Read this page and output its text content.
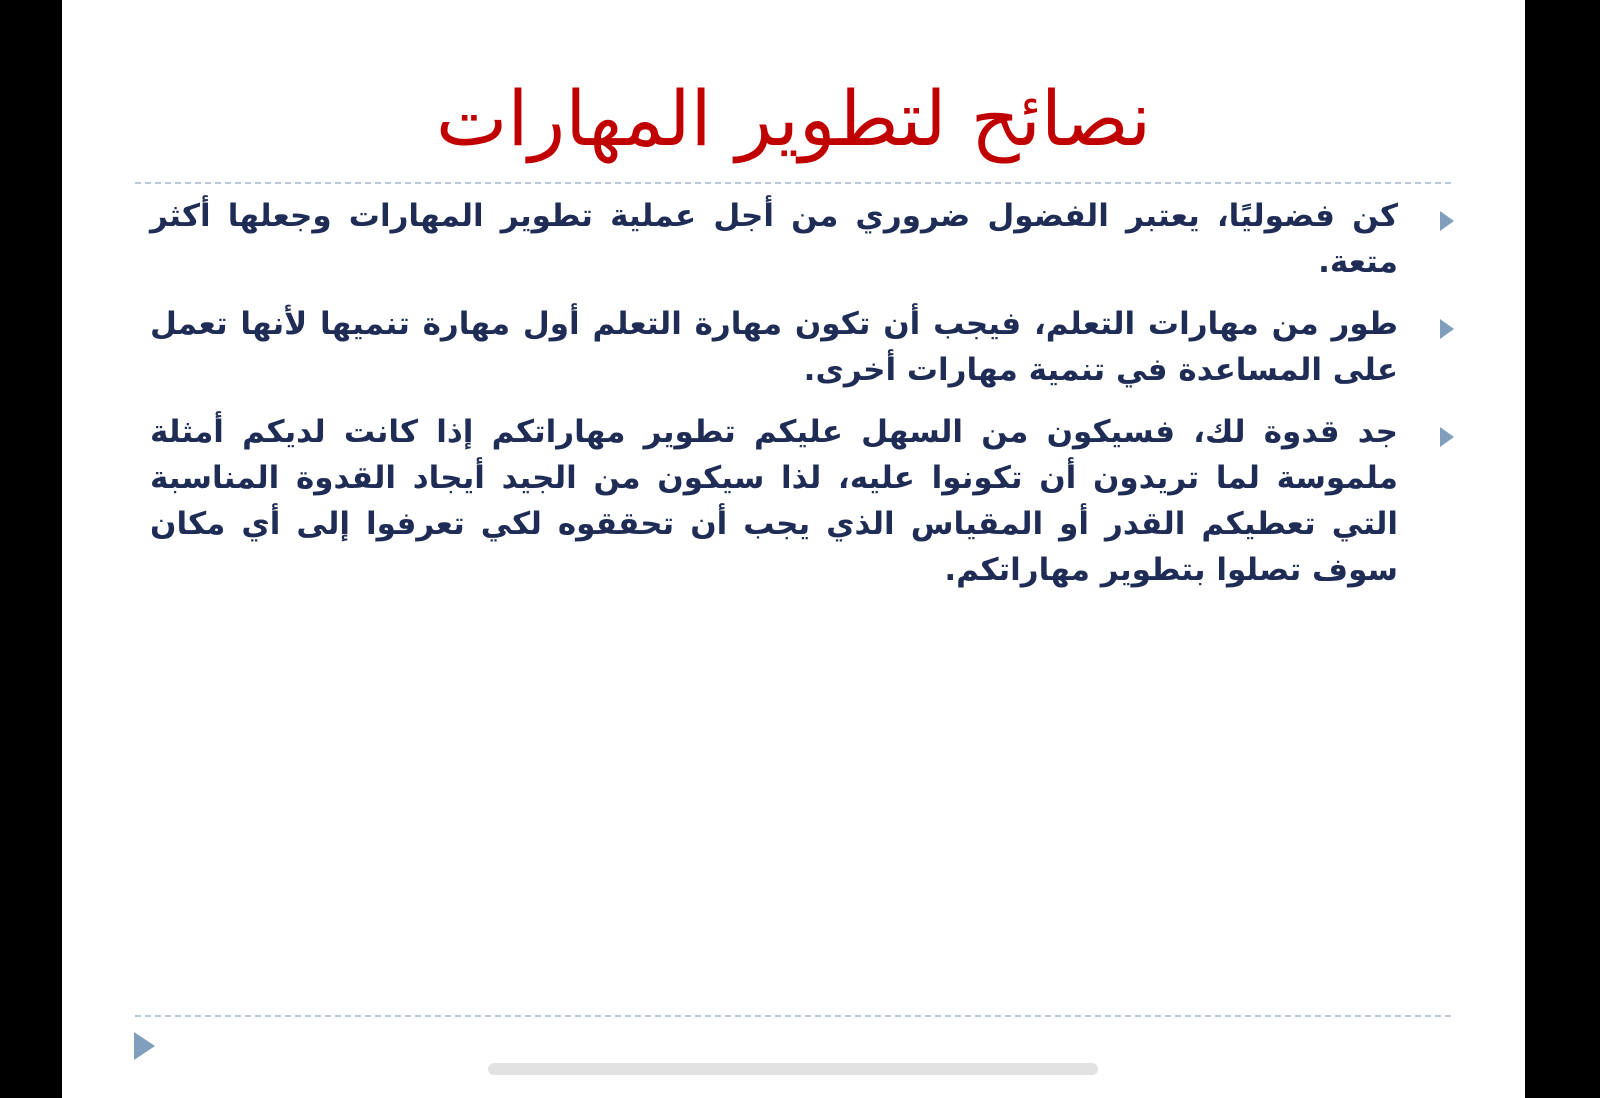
نصائح لتطوير المهارات
كن فضوليًا، يعتبر الفضول ضروري من أجل عملية تطوير المهارات وجعلها أكثر متعة.
طور من مهارات التعلم، فيجب أن تكون مهارة التعلم أول مهارة تنميها لأنها تعمل على المساعدة في تنمية مهارات أخرى.
جد قدوة لك، فسيكون من السهل عليكم تطوير مهاراتكم إذا كانت لديكم أمثلة ملموسة لما تريدون أن تكونوا عليه، لذا سيكون من الجيد أيجاد القدوة المناسبة التي تعطيكم القدر أو المقياس الذي يجب أن تحققوه لكي تعرفوا إلى أي مكان سوف تصلوا بتطوير مهاراتكم.
